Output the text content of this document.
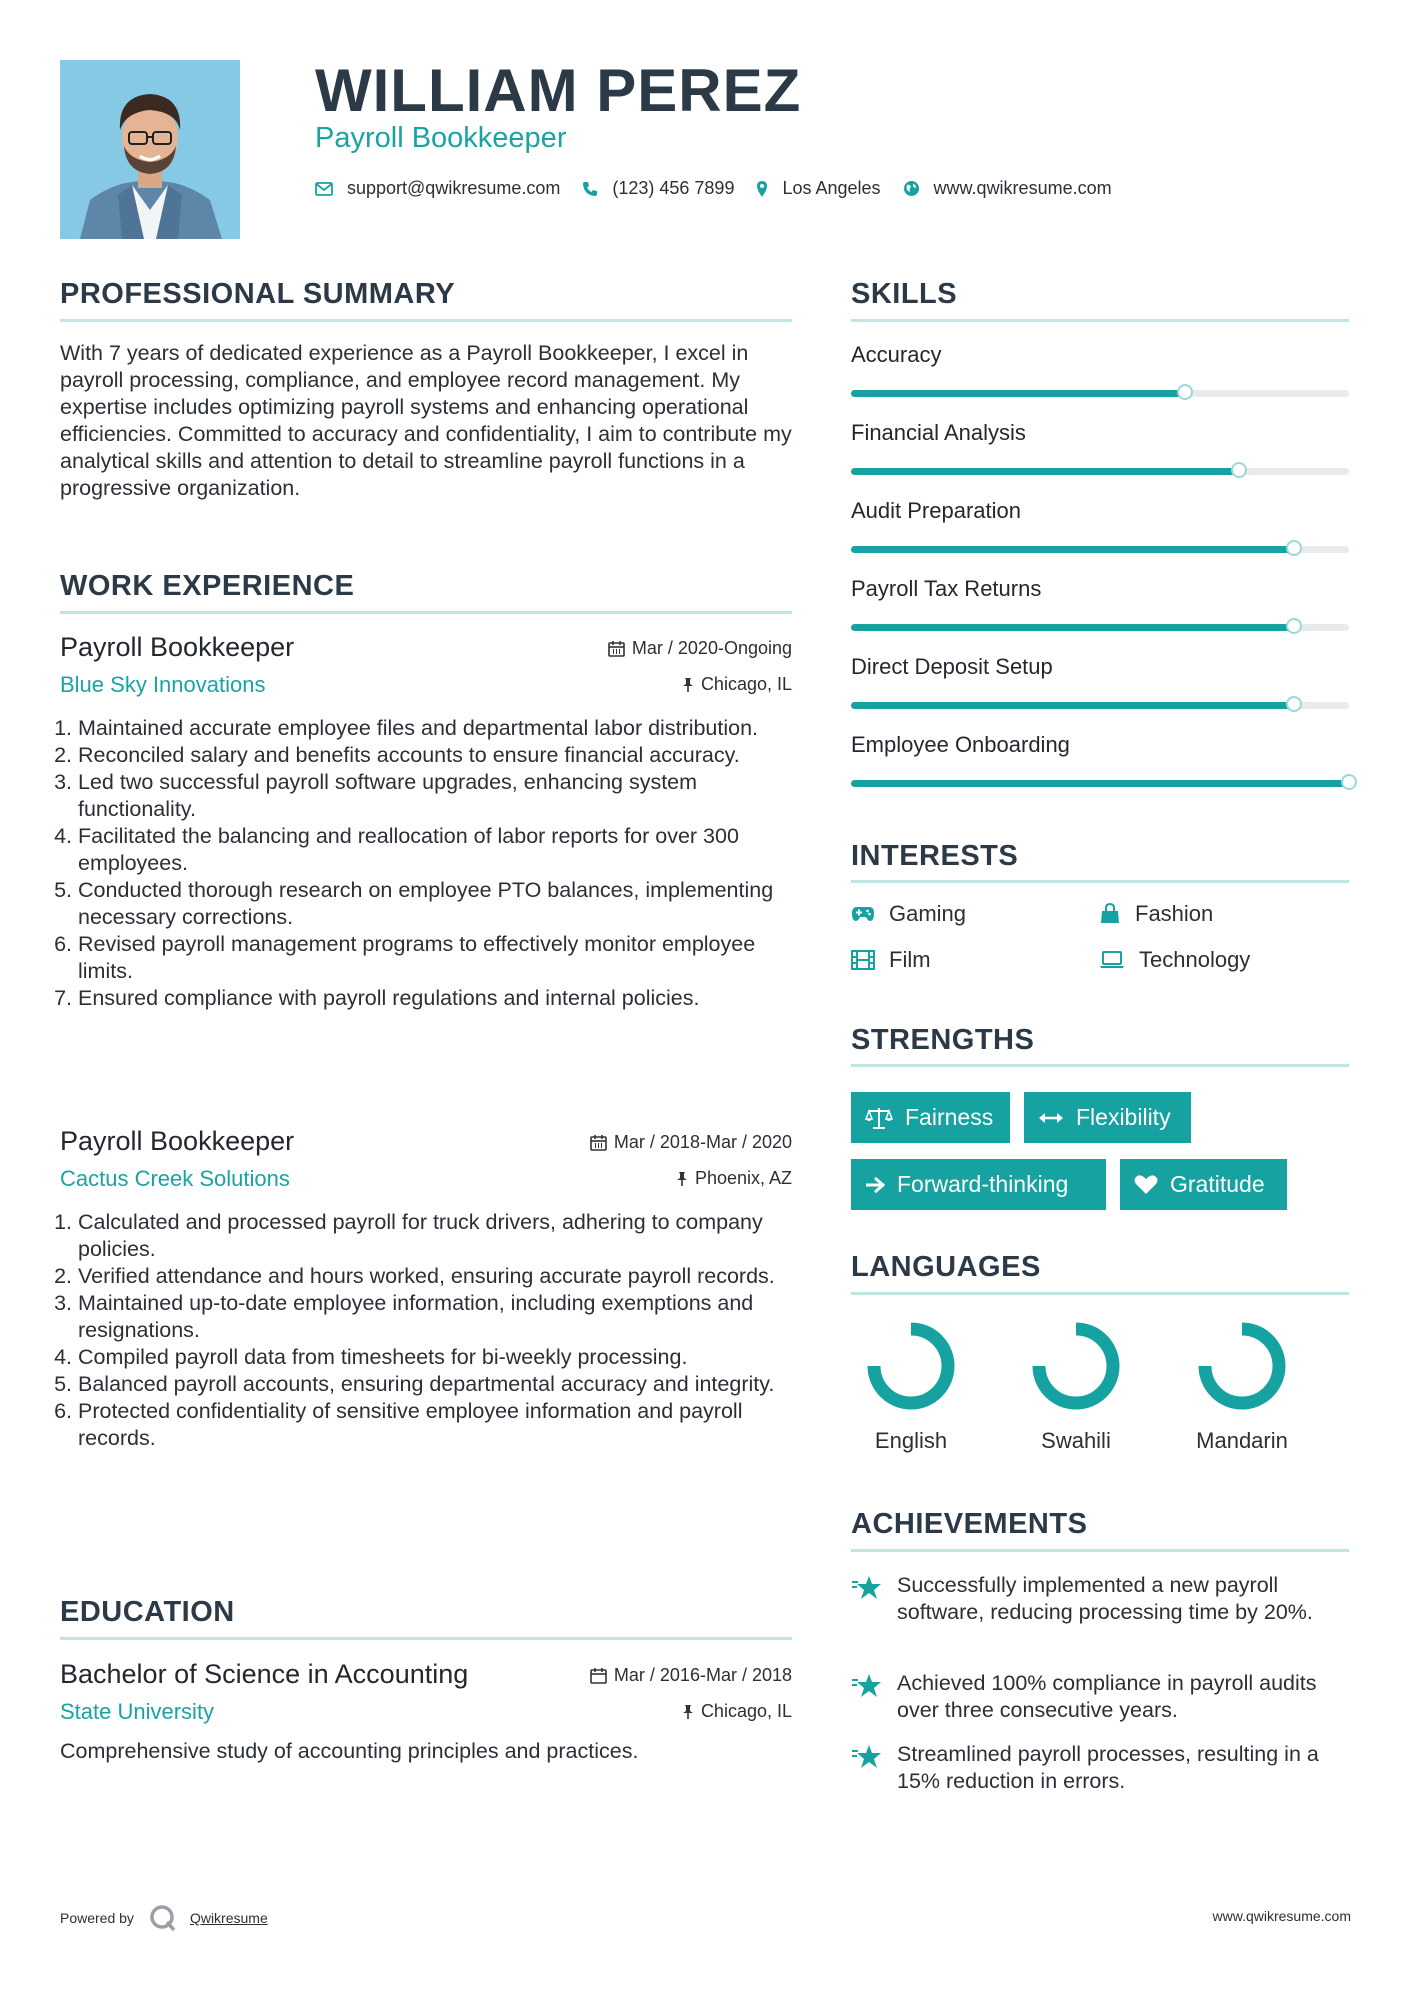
WILLIAM PEREZ
Payroll Bookkeeper
support@qwikresume.com	(123) 456 7899	Los Angeles	www.qwikresume.com
PROFESSIONAL SUMMARY

With 7 years of dedicated experience as a Payroll Bookkeeper, I excel in payroll processing, compliance, and employee record management. My expertise includes optimizing payroll systems and enhancing operational efficiencies. Committed to accuracy and confidentiality, I aim to contribute my analytical skills and attention to detail to streamline payroll functions in a progressive organization.

WORK EXPERIENCE
Payroll Bookkeeper	Mar / 2020-Ongoing
Blue Sky Innovations	Chicago, IL
1. Maintained accurate employee files and departmental labor distribution.
2. Reconciled salary and benefits accounts to ensure financial accuracy.
3. Led two successful payroll software upgrades, enhancing system functionality.
4. Facilitated the balancing and reallocation of labor reports for over 300 employees.
5. Conducted thorough research on employee PTO balances, implementing necessary corrections.
6. Revised payroll management programs to effectively monitor employee limits.
7. Ensured compliance with payroll regulations and internal policies.
Payroll Bookkeeper	Mar / 2018-Mar / 2020
Cactus Creek Solutions	Phoenix, AZ
1. Calculated and processed payroll for truck drivers, adhering to company policies.
2. Verified attendance and hours worked, ensuring accurate payroll records.
3. Maintained up-to-date employee information, including exemptions and resignations.
4. Compiled payroll data from timesheets for bi-weekly processing.
5. Balanced payroll accounts, ensuring departmental accuracy and integrity.
6. Protected confidentiality of sensitive employee information and payroll records.
EDUCATION
Bachelor of Science in Accounting	Mar / 2016-Mar / 2018
State University	Chicago, IL
Comprehensive study of accounting principles and practices.
SKILLS
Accuracy
Financial Analysis
Audit Preparation
Payroll Tax Returns
Direct Deposit Setup
Employee Onboarding
INTERESTS
Gaming	Fashion
Film	Technology
STRENGTHS
Fairness	Flexibility
Forward-thinking	Gratitude
LANGUAGES
English	Swahili	Mandarin
ACHIEVEMENTS
Successfully implemented a new payroll software, reducing processing time by 20%.
Achieved 100% compliance in payroll audits over three consecutive years.
Streamlined payroll processes, resulting in a 15% reduction in errors.
Powered by	Qwikresume	www.qwikresume.com
